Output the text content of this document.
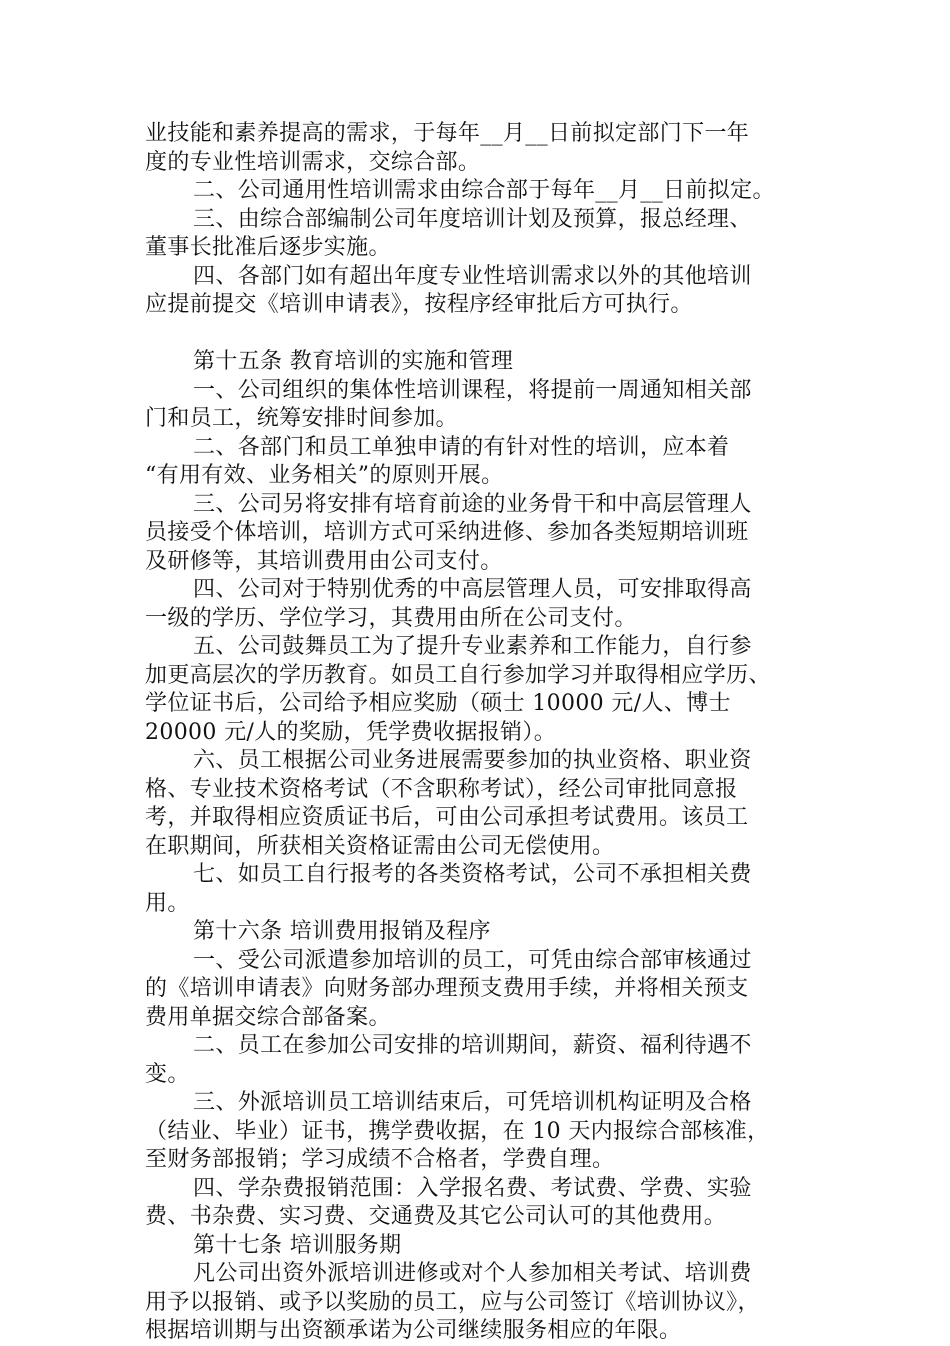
业技能和素养提高的需求，于每年__月__日前拟定部门下一年
度的专业性培训需求，交综合部。
二、公司通用性培训需求由综合部于每年__月__日前拟定。
三、由综合部编制公司年度培训计划及预算，报总经理、
董事长批准后逐步实施。
四、各部门如有超出年度专业性培训需求以外的其他培训
应提前提交《培训申请表》，按程序经审批后方可执行。
第十五条 教育培训的实施和管理
一、公司组织的集体性培训课程，将提前一周通知相关部
门和员工，统筹安排时间参加。
二、各部门和员工单独申请的有针对性的培训，应本着
“有用有效、业务相关”的原则开展。
三、公司另将安排有培育前途的业务骨干和中高层管理人
员接受个体培训，培训方式可采纳进修、参加各类短期培训班
及研修等，其培训费用由公司支付。
四、公司对于特别优秀的中高层管理人员，可安排取得高
一级的学历、学位学习，其费用由所在公司支付。
五、公司鼓舞员工为了提升专业素养和工作能力，自行参
加更高层次的学历教育。如员工自行参加学习并取得相应学历、
学位证书后，公司给予相应奖励（硕士 10000 元/人、博士
20000 元/人的奖励，凭学费收据报销）。
六、员工根据公司业务进展需要参加的执业资格、职业资
格、专业技术资格考试（不含职称考试），经公司审批同意报
考，并取得相应资质证书后，可由公司承担考试费用。该员工
在职期间，所获相关资格证需由公司无偿使用。
七、如员工自行报考的各类资格考试，公司不承担相关费
用。
第十六条 培训费用报销及程序
一、受公司派遣参加培训的员工，可凭由综合部审核通过
的《培训申请表》向财务部办理预支费用手续，并将相关预支
费用单据交综合部备案。
二、员工在参加公司安排的培训期间，薪资、福利待遇不
变。
三、外派培训员工培训结束后，可凭培训机构证明及合格
（结业、毕业）证书，携学费收据，在 10 天内报综合部核准，
至财务部报销；学习成绩不合格者，学费自理。
四、学杂费报销范围：入学报名费、考试费、学费、实验
费、书杂费、实习费、交通费及其它公司认可的其他费用。
第十七条 培训服务期
凡公司出资外派培训进修或对个人参加相关考试、培训费
用予以报销、或予以奖励的员工，应与公司签订《培训协议》，
根据培训期与出资额承诺为公司继续服务相应的年限。
